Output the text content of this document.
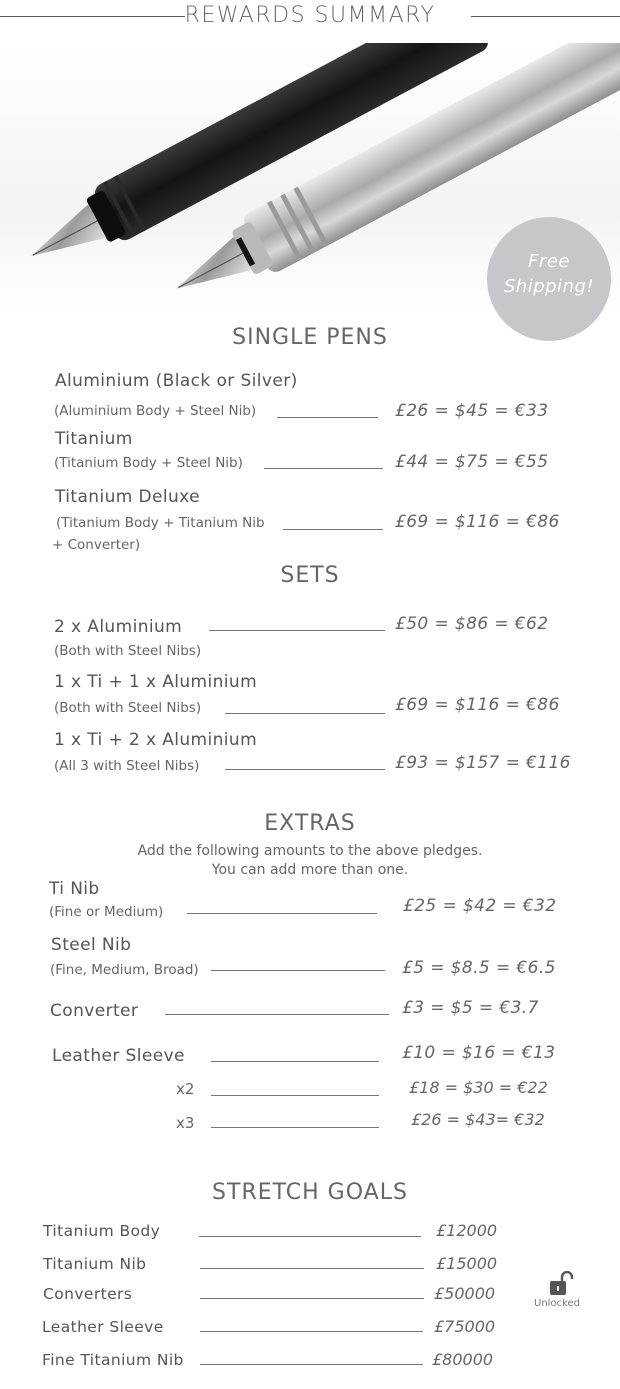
REWARDS SUMMARY
Free
Shipping!
SINGLE PENS
Aluminium (Black or Silver)
(Aluminium Body + Steel Nib)	£26 = $45 = €33
Titanium
(Titanium Body + Steel Nib)	£44 = $75 = €55
Titanium Deluxe
(Titanium Body + Titanium Nib
+ Converter)
£69 = $116 = €86
SETS
2 x Aluminium
(Both with Steel Nibs)
£50 = $86 = €62
1 x Ti + 1 x Aluminium
(Both with Steel Nibs)	£69 = $116 = €86
1 x Ti + 2 x Aluminium
(All 3 with Steel Nibs)	£93 = $157 = €116
EXTRAS
Add the following amounts to the above pledges.
You can add more than one.
Ti Nib
(Fine or Medium)	£25 = $42 = €32
Steel Nib
(Fine, Medium, Broad)	£5 = $8.5 = €6.5
Converter	£3 = $5 = €3.7
Leather Sleeve	£10 = $16 = €13
x2	£18 = $30 = €22
x3	£26 = $43= €32
STRETCH GOALS
Titanium Body	£12000
Titanium Nib	£15000
Converters	£50000
Leather Sleeve	£75000
Fine Titanium Nib	£80000
Unlocked
